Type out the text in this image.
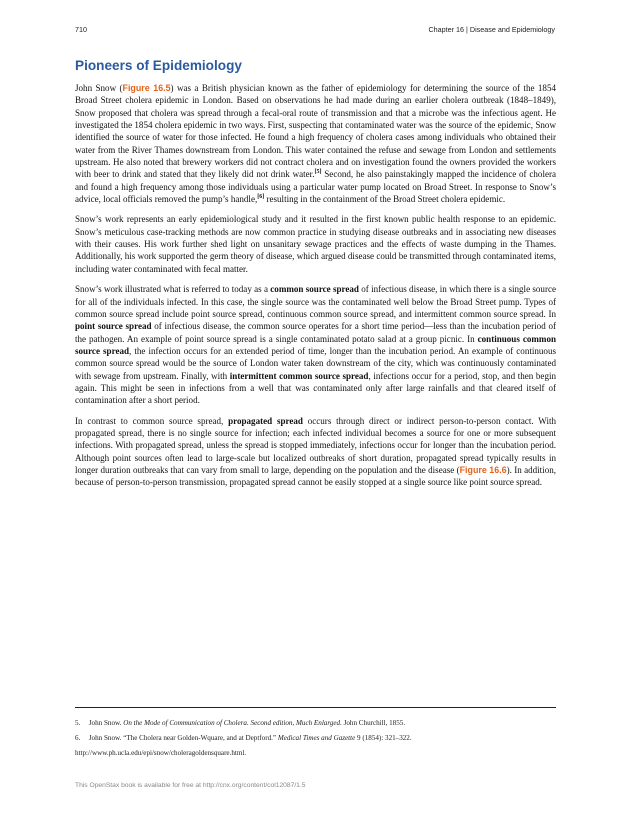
710	Chapter 16 | Disease and Epidemiology
Pioneers of Epidemiology

John Snow (Figure 16.5) was a British physician known as the father of epidemiology for determining the source of the 1854 Broad Street cholera epidemic in London. Based on observations he had made during an earlier cholera outbreak (1848–1849), Snow proposed that cholera was spread through a fecal-oral route of transmission and that a microbe was the infectious agent. He investigated the 1854 cholera epidemic in two ways. First, suspecting that contaminated water was the source of the epidemic, Snow identified the source of water for those infected. He found a high frequency of cholera cases among individuals who obtained their water from the River Thames downstream from London. This water contained the refuse and sewage from London and settlements upstream. He also noted that brewery workers did not contract cholera and on investigation found the owners provided the workers with beer to drink and stated that they likely did not drink water.[5] Second, he also painstakingly mapped the incidence of cholera and found a high frequency among those individuals using a particular water pump located on Broad Street. In response to Snow’s advice, local officials removed the pump’s handle,[6] resulting in the containment of the Broad Street cholera epidemic.

Snow’s work represents an early epidemiological study and it resulted in the first known public health response to an epidemic. Snow’s meticulous case-tracking methods are now common practice in studying disease outbreaks and in associating new diseases with their causes. His work further shed light on unsanitary sewage practices and the effects of waste dumping in the Thames. Additionally, his work supported the germ theory of disease, which argued disease could be transmitted through contaminated items, including water contaminated with fecal matter.

Snow’s work illustrated what is referred to today as a common source spread of infectious disease, in which there is a single source for all of the individuals infected. In this case, the single source was the contaminated well below the Broad Street pump. Types of common source spread include point source spread, continuous common source spread, and intermittent common source spread. In point source spread of infectious disease, the common source operates for a short time period—less than the incubation period of the pathogen. An example of point source spread is a single contaminated potato salad at a group picnic. In continuous common source spread, the infection occurs for an extended period of time, longer than the incubation period. An example of continuous common source spread would be the source of London water taken downstream of the city, which was continuously contaminated with sewage from upstream. Finally, with intermittent common source spread, infections occur for a period, stop, and then begin again. This might be seen in infections from a well that was contaminated only after large rainfalls and that cleared itself of contamination after a short period.

In contrast to common source spread, propagated spread occurs through direct or indirect person-to-person contact. With propagated spread, there is no single source for infection; each infected individual becomes a source for one or more subsequent infections. With propagated spread, unless the spread is stopped immediately, infections occur for longer than the incubation period. Although point sources often lead to large-scale but localized outbreaks of short duration, propagated spread typically results in longer duration outbreaks that can vary from small to large, depending on the population and the disease (Figure 16.6). In addition, because of person-to-person transmission, propagated spread cannot be easily stopped at a single source like point source spread.

5. John Snow. On the Mode of Communication of Cholera. Second edition, Much Enlarged. John Churchill, 1855.
6. John Snow. “The Cholera near Golden-Wquare, and at Deptford.” Medical Times and Gazette 9 (1854): 321–322.
http://www.ph.ucla.edu/epi/snow/choleragoldensquare.html.
This OpenStax book is available for free at http://cnx.org/content/col12087/1.5
